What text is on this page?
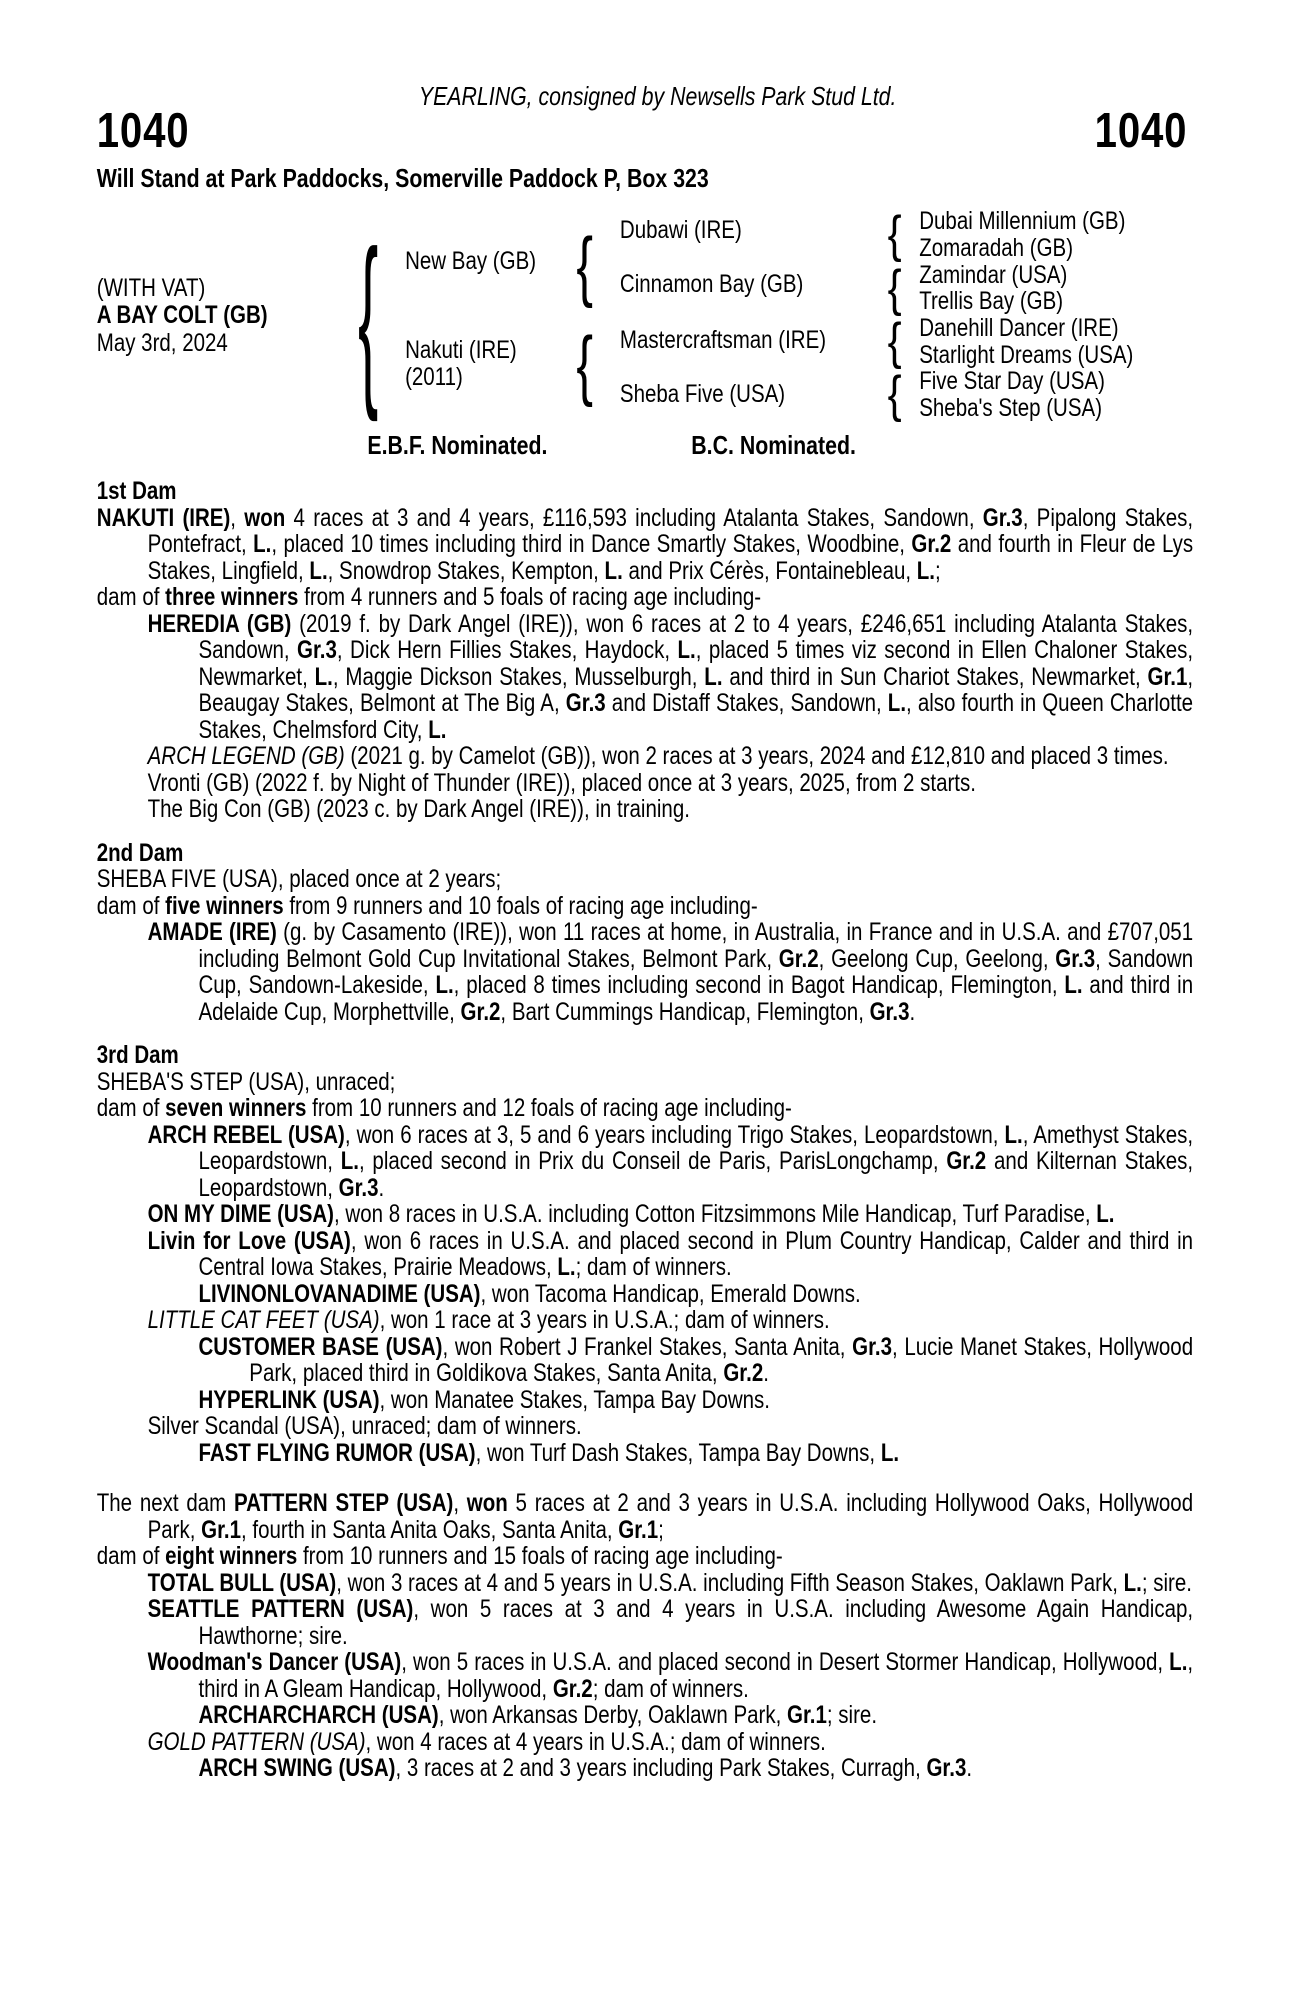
YEARLING, consigned by Newsells Park Stud Ltd.
1040	1040
Will Stand at Park Paddocks, Somerville Paddock P, Box 323
(WITH VAT)
A BAY COLT (GB)
May 3rd, 2024 { New Bay (GB)
Nakuti (IRE)
(2011)
{
{
Dubawi (IRE)
Cinnamon Bay (GB)
Mastercraftsman (IRE)
Sheba Five (USA)
{
{
{
{
Dubai Millennium (GB)
Zomaradah (GB)
Zamindar (USA)
Trellis Bay (GB)
Danehill Dancer (IRE)
Starlight Dreams (USA)
Five Star Day (USA)
Sheba's Step (USA)
E.B.F. Nominated.	B.C. Nominated.
1st Dam

NAKUTI (IRE), won 4 races at 3 and 4 years, £116,593 including Atalanta Stakes, Sandown, Gr.3, Pipalong Stakes, Pontefract, L., placed 10 times including third in Dance Smartly Stakes, Woodbine, Gr.2 and fourth in Fleur de Lys Stakes, Lingfield, L., Snowdrop Stakes, Kempton, L. and Prix Cérès, Fontainebleau, L.;

dam of three winners from 4 runners and 5 foals of racing age including-

HEREDIA (GB) (2019 f. by Dark Angel (IRE)), won 6 races at 2 to 4 years, £246,651 including Atalanta Stakes, Sandown, Gr.3, Dick Hern Fillies Stakes, Haydock, L., placed 5 times viz second in Ellen Chaloner Stakes, Newmarket, L., Maggie Dickson Stakes, Musselburgh, L. and third in Sun Chariot Stakes, Newmarket, Gr.1, Beaugay Stakes, Belmont at The Big A, Gr.3 and Distaff Stakes, Sandown, L., also fourth in Queen Charlotte Stakes, Chelmsford City, L.

ARCH LEGEND (GB) (2021 g. by Camelot (GB)), won 2 races at 3 years, 2024 and £12,810 and placed 3 times.

Vronti (GB) (2022 f. by Night of Thunder (IRE)), placed once at 3 years, 2025, from 2 starts.

The Big Con (GB) (2023 c. by Dark Angel (IRE)), in training.

2nd Dam

SHEBA FIVE (USA), placed once at 2 years;

dam of five winners from 9 runners and 10 foals of racing age including-

AMADE (IRE) (g. by Casamento (IRE)), won 11 races at home, in Australia, in France and in U.S.A. and £707,051 including Belmont Gold Cup Invitational Stakes, Belmont Park, Gr.2, Geelong Cup, Geelong, Gr.3, Sandown Cup, Sandown-Lakeside, L., placed 8 times including second in Bagot Handicap, Flemington, L. and third in Adelaide Cup, Morphettville, Gr.2, Bart Cummings Handicap, Flemington, Gr.3.

3rd Dam

SHEBA'S STEP (USA), unraced;

dam of seven winners from 10 runners and 12 foals of racing age including-

ARCH REBEL (USA), won 6 races at 3, 5 and 6 years including Trigo Stakes, Leopardstown, L., Amethyst Stakes, Leopardstown, L., placed second in Prix du Conseil de Paris, ParisLongchamp, Gr.2 and Kilternan Stakes, Leopardstown, Gr.3.

ON MY DIME (USA), won 8 races in U.S.A. including Cotton Fitzsimmons Mile Handicap, Turf Paradise, L.

Livin for Love (USA), won 6 races in U.S.A. and placed second in Plum Country Handicap, Calder and third in Central Iowa Stakes, Prairie Meadows, L.; dam of winners.

LIVINONLOVANADIME (USA), won Tacoma Handicap, Emerald Downs.

LITTLE CAT FEET (USA), won 1 race at 3 years in U.S.A.; dam of winners.

CUSTOMER BASE (USA), won Robert J Frankel Stakes, Santa Anita, Gr.3, Lucie Manet Stakes, Hollywood Park, placed third in Goldikova Stakes, Santa Anita, Gr.2.

HYPERLINK (USA), won Manatee Stakes, Tampa Bay Downs.

Silver Scandal (USA), unraced; dam of winners.

FAST FLYING RUMOR (USA), won Turf Dash Stakes, Tampa Bay Downs, L.

The next dam PATTERN STEP (USA), won 5 races at 2 and 3 years in U.S.A. including Hollywood Oaks, Hollywood Park, Gr.1, fourth in Santa Anita Oaks, Santa Anita, Gr.1;

dam of eight winners from 10 runners and 15 foals of racing age including-

TOTAL BULL (USA), won 3 races at 4 and 5 years in U.S.A. including Fifth Season Stakes, Oaklawn Park, L.; sire.

SEATTLE PATTERN (USA), won 5 races at 3 and 4 years in U.S.A. including Awesome Again Handicap, Hawthorne; sire.

Woodman's Dancer (USA), won 5 races in U.S.A. and placed second in Desert Stormer Handicap, Hollywood, L., third in A Gleam Handicap, Hollywood, Gr.2; dam of winners.

ARCHARCHARCH (USA), won Arkansas Derby, Oaklawn Park, Gr.1; sire.

GOLD PATTERN (USA), won 4 races at 4 years in U.S.A.; dam of winners.

ARCH SWING (USA), 3 races at 2 and 3 years including Park Stakes, Curragh, Gr.3.
